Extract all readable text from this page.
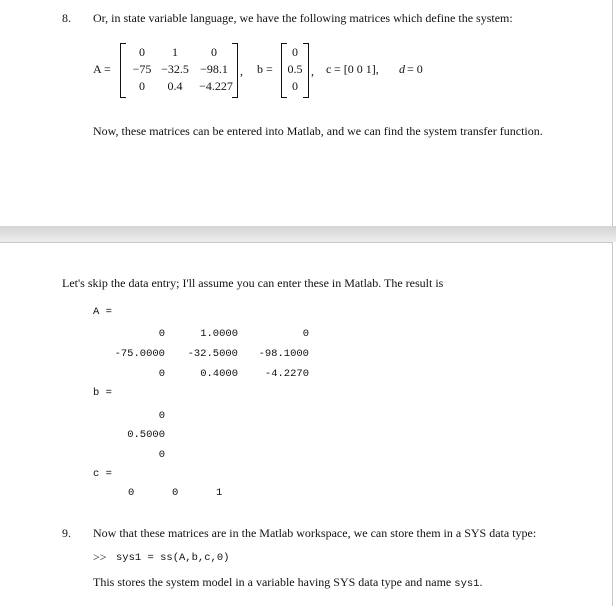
8. Or, in state variable language, we have the following matrices which define the system:
A =
0	1	0
−75 −32.5 −98.1
0	0.4	−4.227
, b =
0
0.5
0
, c = [0 0 1], d = 0
Now, these matrices can be entered into Matlab, and we can find the system transfer function.
Let's skip the data entry; I'll assume you can enter these in Matlab. The result is
A =
0	1.0000	0
-75.0000	-32.5000	-98.1000
0	0.4000	-4.2270
b =
0
0.5000
0
c =
0	0	1
9. Now that these matrices are in the Matlab workspace, we can store them in a SYS data type:
>> sys1 = ss(A,b,c,0)
This stores the system model in a variable having SYS data type and name sys1.
